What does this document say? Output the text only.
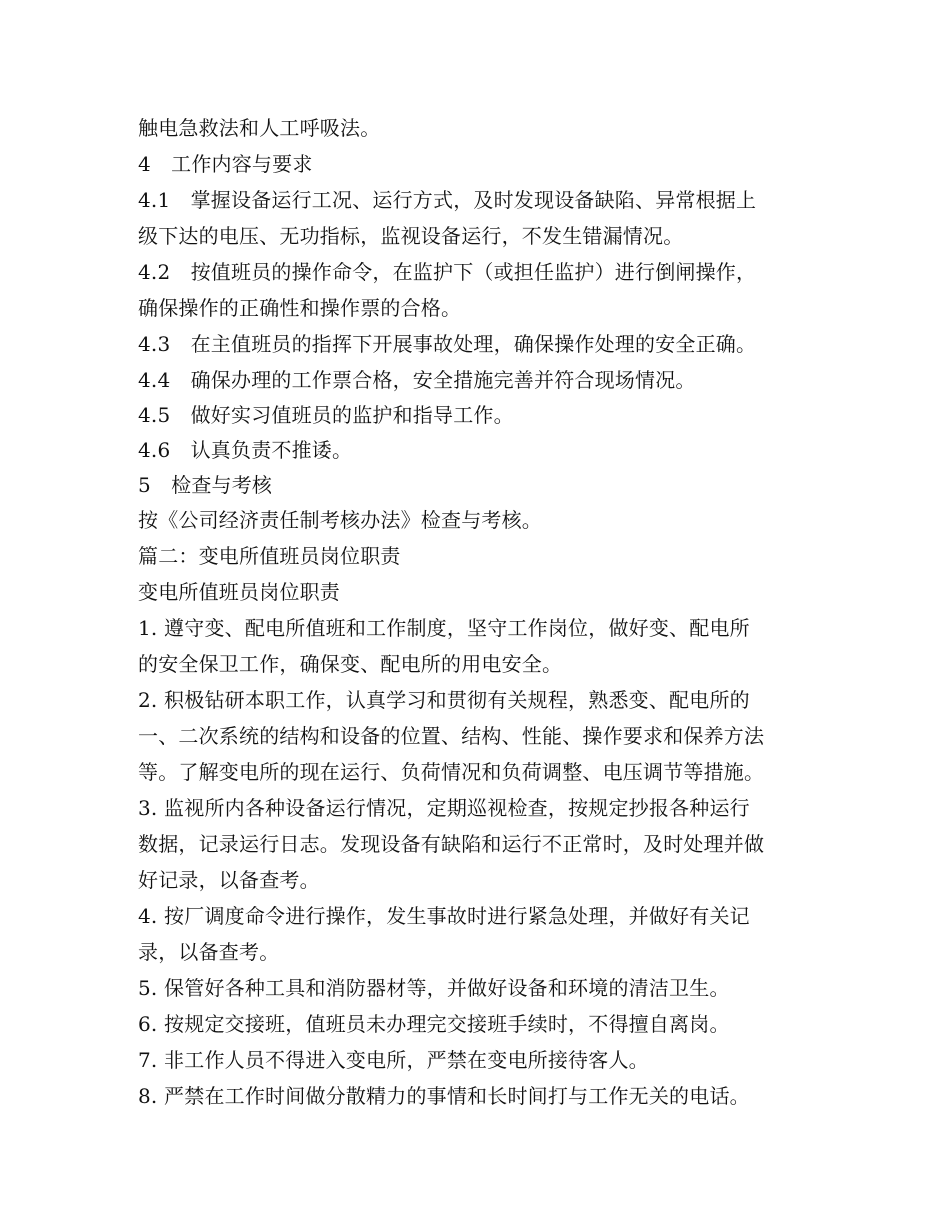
触电急救法和人工呼吸法。
4　工作内容与要求
4.1　掌握设备运行工况、运行方式，及时发现设备缺陷、异常根据上
级下达的电压、无功指标，监视设备运行，不发生错漏情况。
4.2　按值班员的操作命令，在监护下（或担任监护）进行倒闸操作，
确保操作的正确性和操作票的合格。
4.3　在主值班员的指挥下开展事故处理，确保操作处理的安全正确。
4.4　确保办理的工作票合格，安全措施完善并符合现场情况。
4.5　做好实习值班员的监护和指导工作。
4.6　认真负责不推诿。
5　检查与考核
按《公司经济责任制考核办法》检查与考核。
篇二：变电所值班员岗位职责
变电所值班员岗位职责
1. 遵守变、配电所值班和工作制度，坚守工作岗位，做好变、配电所
的安全保卫工作，确保变、配电所的用电安全。
2. 积极钻研本职工作，认真学习和贯彻有关规程，熟悉变、配电所的
一、二次系统的结构和设备的位置、结构、性能、操作要求和保养方法
等。了解变电所的现在运行、负荷情况和负荷调整、电压调节等措施。
3. 监视所内各种设备运行情况，定期巡视检查，按规定抄报各种运行
数据，记录运行日志。发现设备有缺陷和运行不正常时，及时处理并做
好记录，以备查考。
4. 按厂调度命令进行操作，发生事故时进行紧急处理，并做好有关记
录，以备查考。
5. 保管好各种工具和消防器材等，并做好设备和环境的清洁卫生。
6. 按规定交接班，值班员未办理完交接班手续时，不得擅自离岗。
7. 非工作人员不得进入变电所，严禁在变电所接待客人。
8. 严禁在工作时间做分散精力的事情和长时间打与工作无关的电话。
